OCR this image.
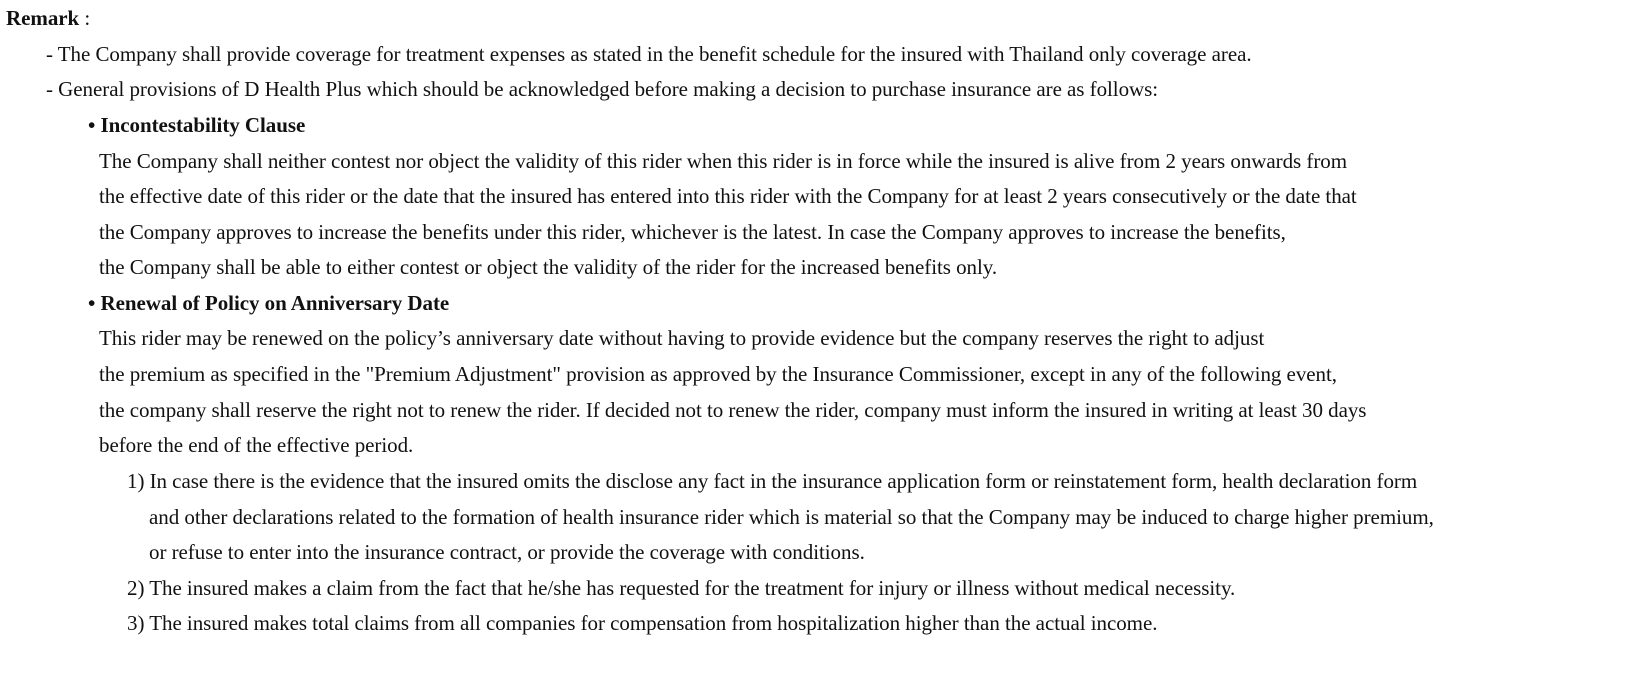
Remark :
- The Company shall provide coverage for treatment expenses as stated in the benefit schedule for the insured with Thailand only coverage area.
- General provisions of D Health Plus which should be acknowledged before making a decision to purchase insurance are as follows:
• Incontestability Clause
The Company shall neither contest nor object the validity of this rider when this rider is in force while the insured is alive from 2 years onwards from
the effective date of this rider or the date that the insured has entered into this rider with the Company for at least 2 years consecutively or the date that
the Company approves to increase the benefits under this rider, whichever is the latest. In case the Company approves to increase the benefits,
the Company shall be able to either contest or object the validity of the rider for the increased benefits only.
• Renewal of Policy on Anniversary Date
This rider may be renewed on the policy’s anniversary date without having to provide evidence but the company reserves the right to adjust
the premium as specified in the "Premium Adjustment" provision as approved by the Insurance Commissioner, except in any of the following event,
the company shall reserve the right not to renew the rider. If decided not to renew the rider, company must inform the insured in writing at least 30 days
before the end of the effective period.
1) In case there is the evidence that the insured omits the disclose any fact in the insurance application form or reinstatement form, health declaration form
and other declarations related to the formation of health insurance rider which is material so that the Company may be induced to charge higher premium,
or refuse to enter into the insurance contract, or provide the coverage with conditions.
2) The insured makes a claim from the fact that he/she has requested for the treatment for injury or illness without medical necessity.
3) The insured makes total claims from all companies for compensation from hospitalization higher than the actual income.
